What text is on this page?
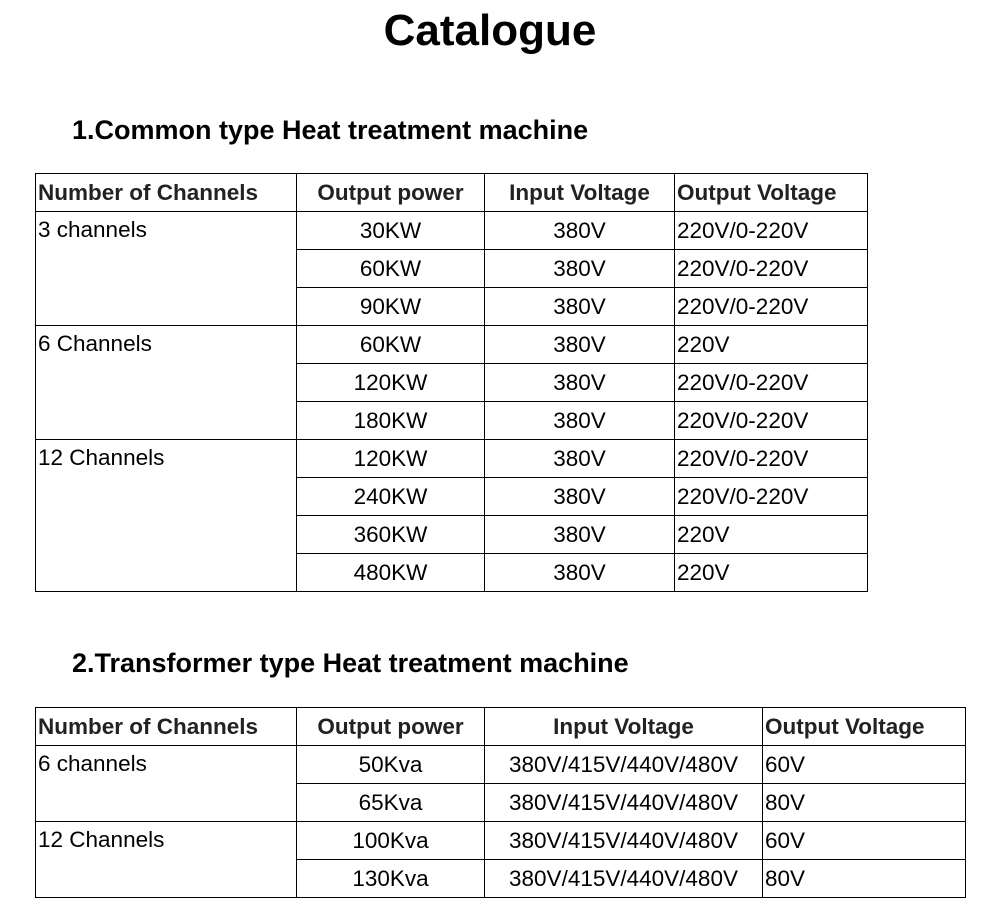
Catalogue
1.Common type Heat treatment machine
Number of Channels	Output power	Input Voltage	Output Voltage
3 channels	30KW	380V	220V/0-220V
	60KW	380V	220V/0-220V
	90KW	380V	220V/0-220V
6 Channels	60KW	380V	220V
	120KW	380V	220V/0-220V
	180KW	380V	220V/0-220V
12 Channels	120KW	380V	220V/0-220V
	240KW	380V	220V/0-220V
	360KW	380V	220V
	480KW	380V	220V
2.Transformer type Heat treatment machine
Number of Channels	Output power	Input Voltage	Output Voltage
6 channels	50Kva	380V/415V/440V/480V	60V
	65Kva	380V/415V/440V/480V	80V
12 Channels	100Kva	380V/415V/440V/480V	60V
	130Kva	380V/415V/440V/480V	80V
